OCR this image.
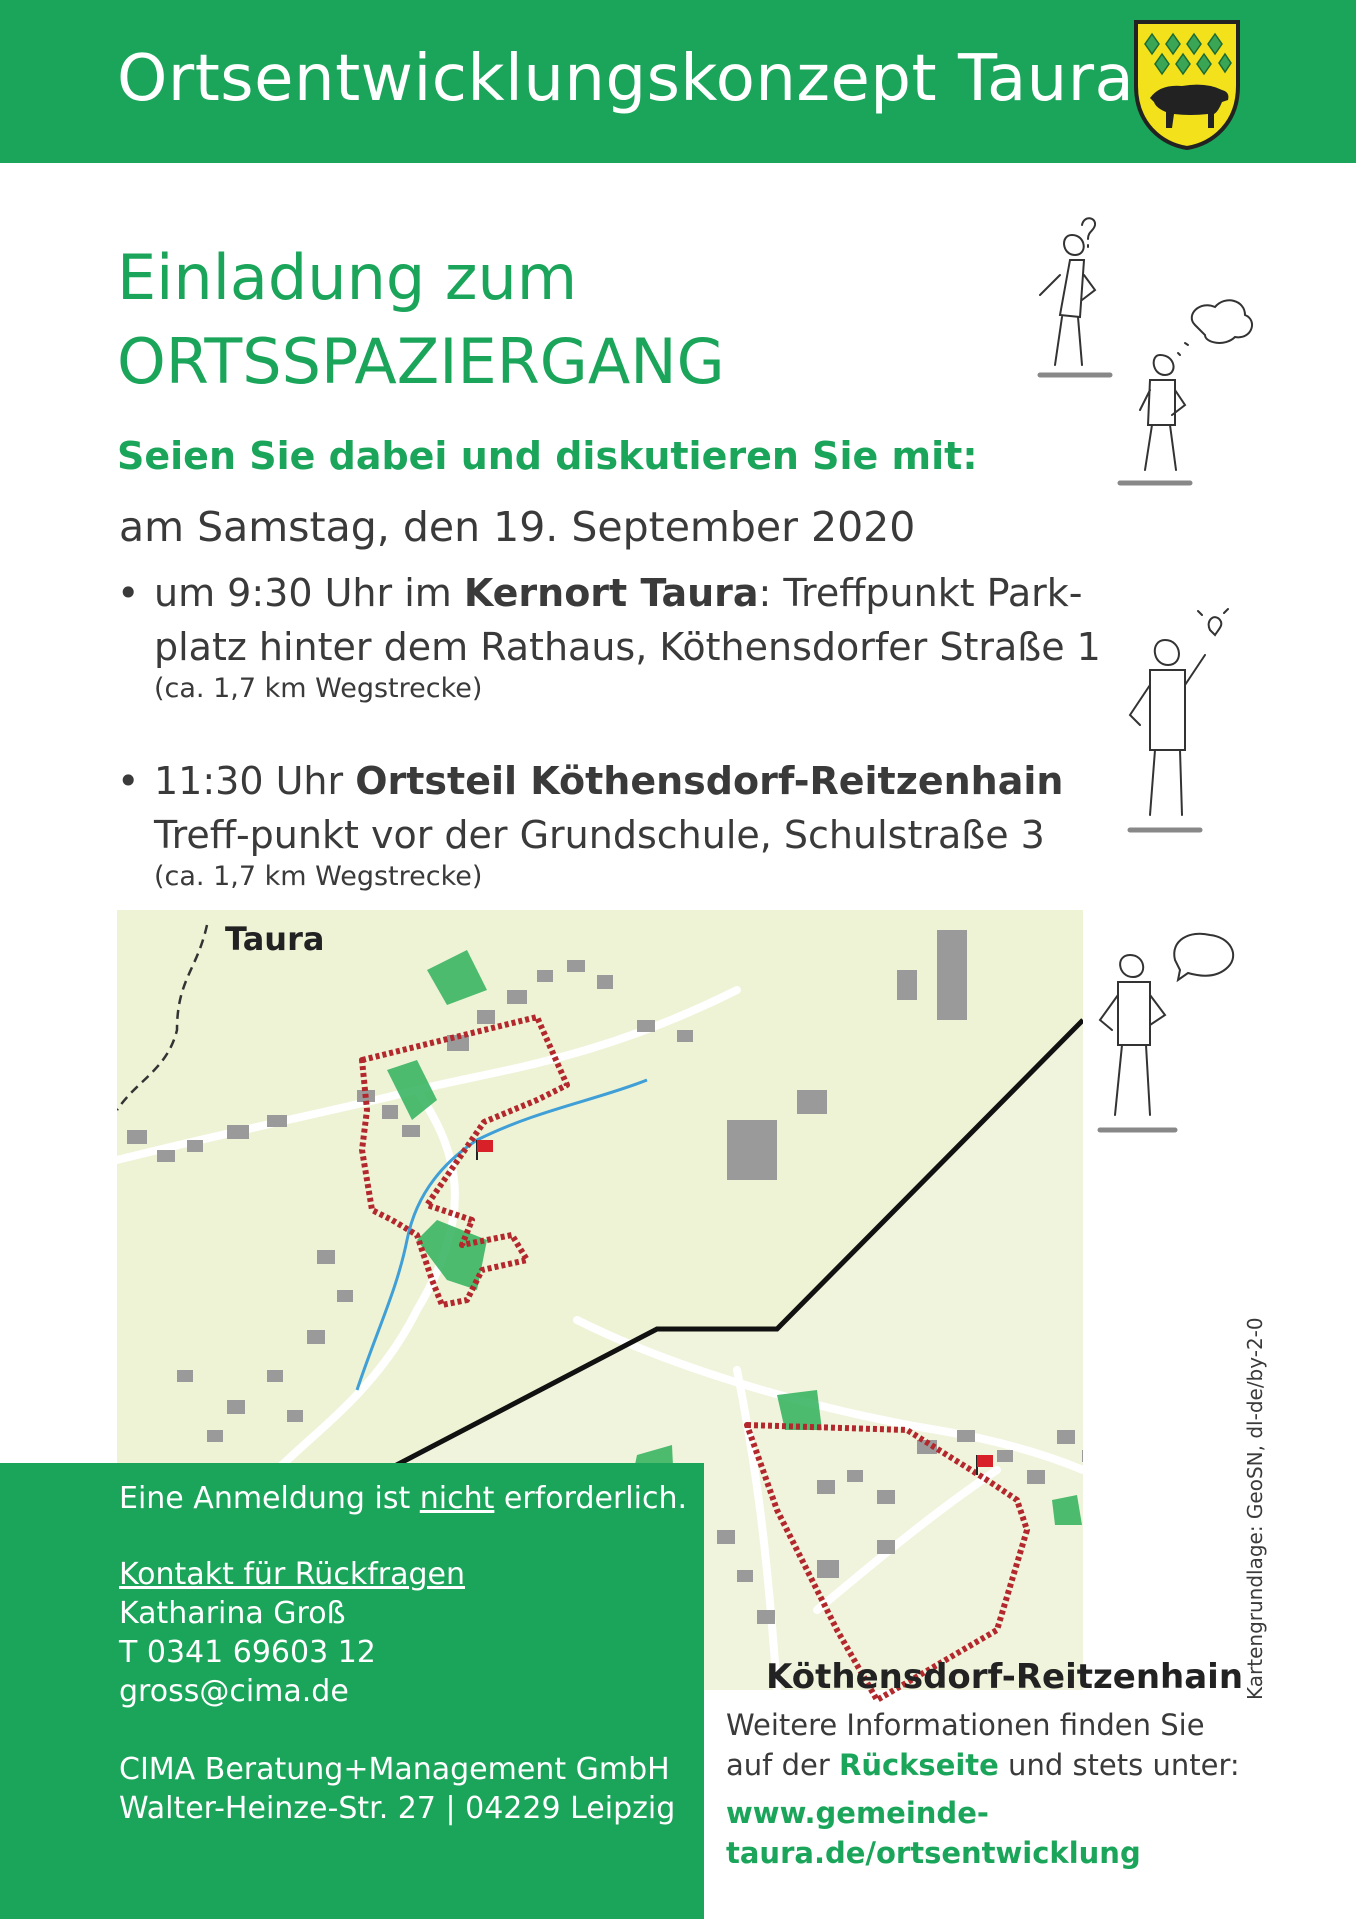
Ortsentwicklungskonzept Taura
Einladung zum
ORTSSPAZIERGANG
Seien Sie dabei und diskutieren Sie mit:
am Samstag, den 19. September 2020
• um 9:30 Uhr im Kernort Taura: Treffpunkt Park-platz hinter dem Rathaus, Köthensdorfer Straße 1
(ca. 1,7 km Wegstrecke)
• 11:30 Uhr Ortsteil Köthensdorf-Reitzenhain Treff-punkt vor der Grundschule, Schulstraße 3
(ca. 1,7 km Wegstrecke)
Taura
Eine Anmeldung ist nicht erforderlich.
Kontakt für Rückfragen
Katharina Groß
T 0341 69603 12
gross@cima.de
CIMA Beratung+Management GmbH
Walter-Heinze-Str. 27 | 04229 Leipzig
Köthensdorf-Reitzenhain
Weitere Informationen finden Sie
auf der Rückseite und stets unter:
www.gemeinde-taura.de/ortsentwicklung
Kartengrundlage: GeoSN, dl-de/by-2-0
